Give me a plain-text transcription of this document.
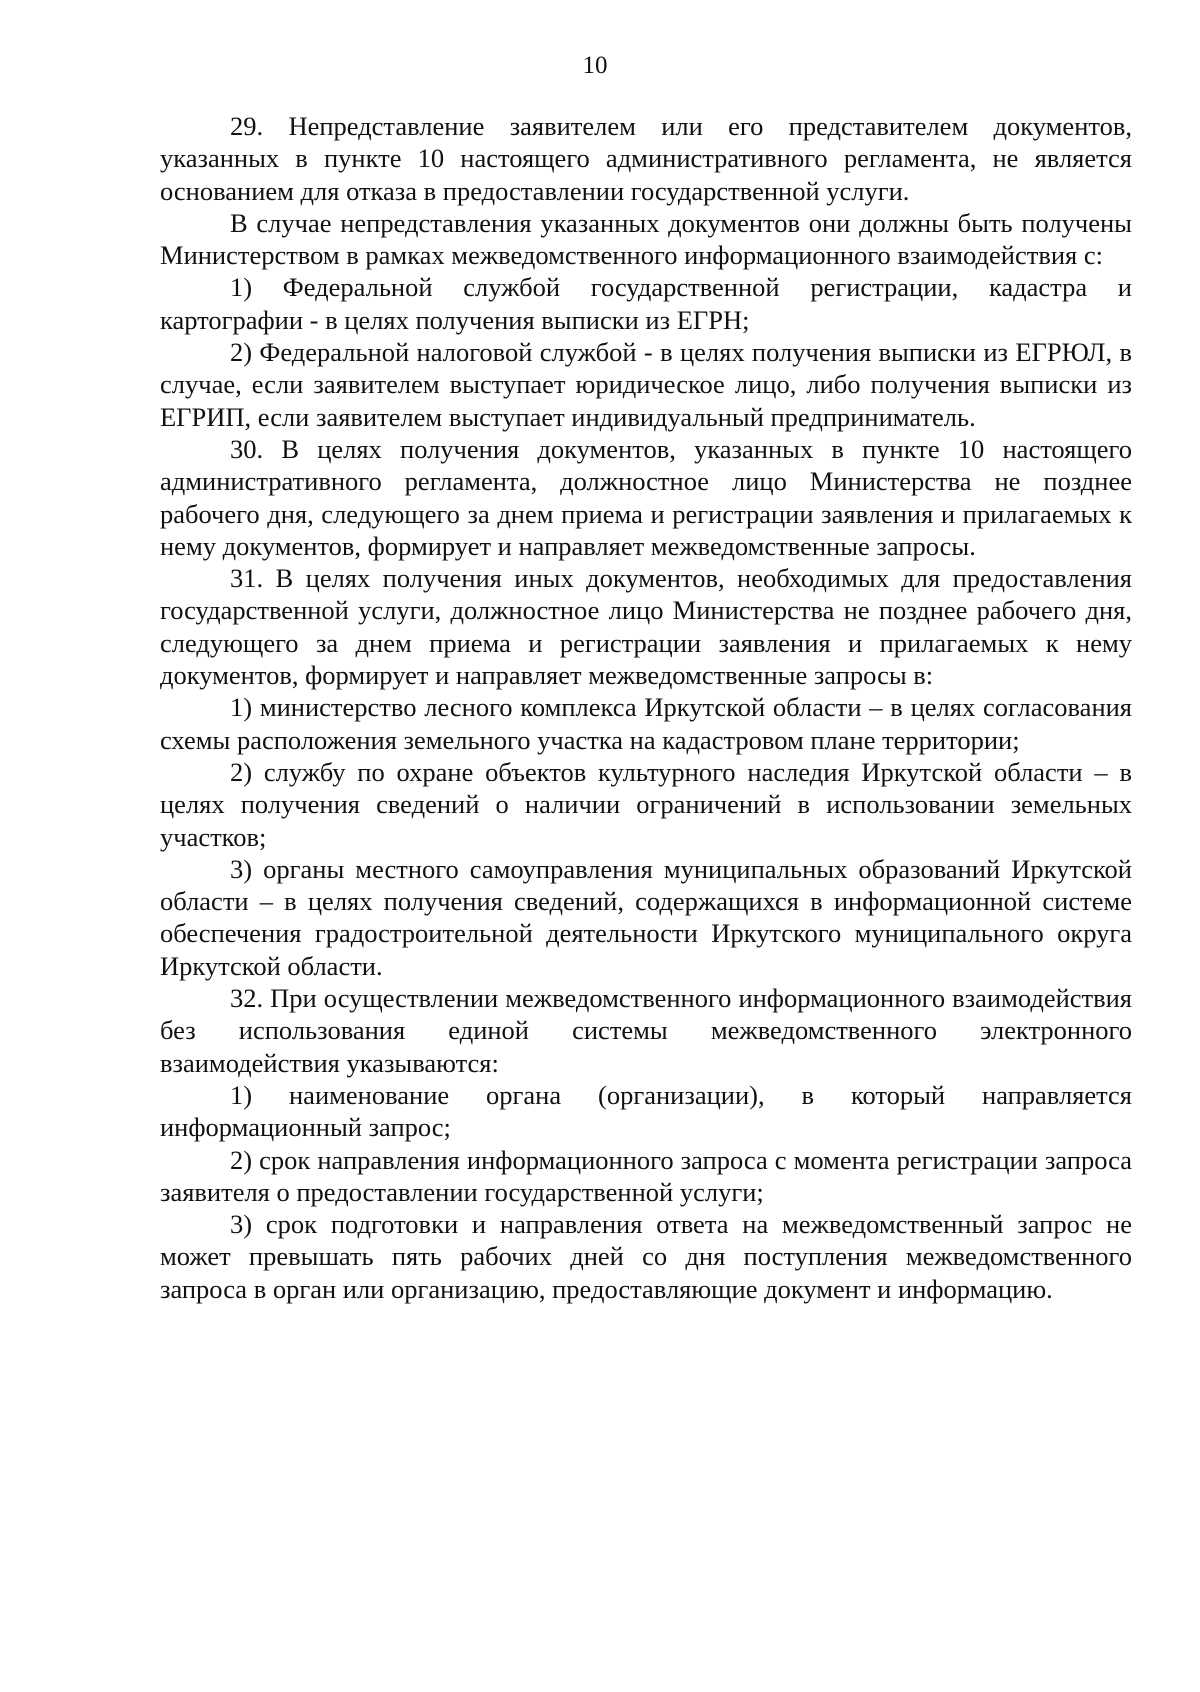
10

29. Непредставление заявителем или его представителем документов, указанных в пункте 10 настоящего административного регламента, не является основанием для отказа в предоставлении государственной услуги.

В случае непредставления указанных документов они должны быть получены Министерством в рамках межведомственного информационного взаимодействия с:

1) Федеральной службой государственной регистрации, кадастра и картографии - в целях получения выписки из ЕГРН;

2) Федеральной налоговой службой - в целях получения выписки из ЕГРЮЛ, в случае, если заявителем выступает юридическое лицо, либо получения выписки из ЕГРИП, если заявителем выступает индивидуальный предприниматель.

30. В целях получения документов, указанных в пункте 10 настоящего административного регламента, должностное лицо Министерства не позднее рабочего дня, следующего за днем приема и регистрации заявления и прилагаемых к нему документов, формирует и направляет межведомственные запросы.

31. В целях получения иных документов, необходимых для предоставления государственной услуги, должностное лицо Министерства не позднее рабочего дня, следующего за днем приема и регистрации заявления и прилагаемых к нему документов, формирует и направляет межведомственные запросы в:

1) министерство лесного комплекса Иркутской области – в целях согласования схемы расположения земельного участка на кадастровом плане территории;

2) службу по охране объектов культурного наследия Иркутской области – в целях получения сведений о наличии ограничений в использовании земельных участков;

3) органы местного самоуправления муниципальных образований Иркутской области – в целях получения сведений, содержащихся в информационной системе обеспечения градостроительной деятельности Иркутского муниципального округа Иркутской области.

32. При осуществлении межведомственного информационного взаимодействия без использования единой системы межведомственного электронного взаимодействия указываются:

1) наименование органа (организации), в который направляется информационный запрос;

2) срок направления информационного запроса с момента регистрации запроса заявителя о предоставлении государственной услуги;

3) срок подготовки и направления ответа на межведомственный запрос не может превышать пять рабочих дней со дня поступления межведомственного запроса в орган или организацию, предоставляющие документ и информацию.
